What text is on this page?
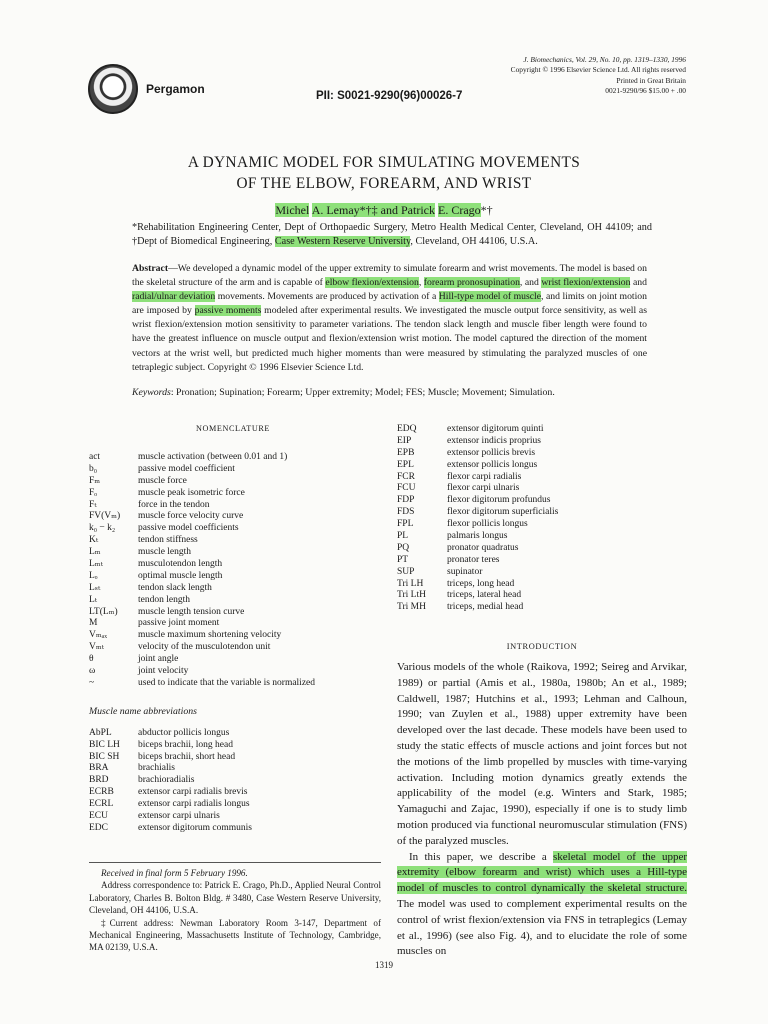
Pergamon	PII: S0021-9290(96)00026-7
J. Biomechanics, Vol. 29, No. 10, pp. 1319–1330, 1996
Copyright © 1996 Elsevier Science Ltd. All rights reserved
Printed in Great Britain
0021-9290/96 $15.00 + .00
A DYNAMIC MODEL FOR SIMULATING MOVEMENTS
OF THE ELBOW, FOREARM, AND WRIST
Michel A. Lemay*†‡ and Patrick E. Crago*†
*Rehabilitation Engineering Center, Dept of Orthopaedic Surgery, Metro Health Medical Center, Cleveland, OH 44109; and †Dept of Biomedical Engineering, Case Western Reserve University, Cleveland, OH 44106, U.S.A.

Abstract—We developed a dynamic model of the upper extremity to simulate forearm and wrist movements. The model is based on the skeletal structure of the arm and is capable of elbow flexion/extension, forearm pronosupination, and wrist flexion/extension and radial/ulnar deviation movements. Movements are produced by activation of a Hill-type model of muscle, and limits on joint motion are imposed by passive moments modeled after experimental results. We investigated the muscle output force sensitivity, as well as wrist flexion/extension motion sensitivity to parameter variations. The tendon slack length and muscle fiber length were found to have the greatest influence on muscle output and flexion/extension wrist motion. The model captured the direction of the moment vectors at the wrist well, but predicted much higher moments than were measured by stimulating the paralyzed muscles of one tetraplegic subject. Copyright © 1996 Elsevier Science Ltd.

Keywords: Pronation; Supination; Forearm; Upper extremity; Model; FES; Muscle; Movement; Simulation.
NOMENCLATURE
act	muscle activation (between 0.01 and 1)
b₀	passive model coefficient
Fₘ	muscle force
Fₒ	muscle peak isometric force
Fₜ	force in the tendon
FV(Vₘ)	muscle force velocity curve
k₀ − k₂	passive model coefficients
Kₜ	tendon stiffness
Lₘ	muscle length
Lₘₜ	musculotendon length
Lₒ	optimal muscle length
Lₛₜ	tendon slack length
Lₜ	tendon length
LT(Lₘ)	muscle length tension curve
M	passive joint moment
Vₘₐₓ	muscle maximum shortening velocity
Vₘₜ	velocity of the musculotendon unit
θ	joint angle
ω	joint velocity
~	used to indicate that the variable is normalized
Muscle name abbreviations
AbPL	abductor pollicis longus
BIC LH	biceps brachii, long head
BIC SH	biceps brachii, short head
BRA	brachialis
BRD	brachioradialis
ECRB	extensor carpi radialis brevis
ECRL	extensor carpi radialis longus
ECU	extensor carpi ulnaris
EDC	extensor digitorum communis
EDQ	extensor digitorum quinti
EIP	extensor indicis proprius
EPB	extensor pollicis brevis
EPL	extensor pollicis longus
FCR	flexor carpi radialis
FCU	flexor carpi ulnaris
FDP	flexor digitorum profundus
FDS	flexor digitorum superficialis
FPL	flexor pollicis longus
PL	palmaris longus
PQ	pronator quadratus
PT	pronator teres
SUP	supinator
Tri LH	triceps, long head
Tri LtH	triceps, lateral head
Tri MH	triceps, medial head
INTRODUCTION

Various models of the whole (Raikova, 1992; Seireg and Arvikar, 1989) or partial (Amis et al., 1980a, 1980b; An et al., 1989; Caldwell, 1987; Hutchins et al., 1993; Lehman and Calhoun, 1990; van Zuylen et al., 1988) upper extremity have been developed over the last decade. These models have been used to study the static effects of muscle actions and joint forces but not the motions of the limb propelled by muscles with time-varying activation. Including motion dynamics greatly extends the applicability of the model (e.g. Winters and Stark, 1985; Yamaguchi and Zajac, 1990), especially if one is to study limb motion produced via functional neuromuscular stimulation (FNS) of the paralyzed muscles.

In this paper, we describe a skeletal model of the upper extremity (elbow forearm and wrist) which uses a Hill-type model of muscles to control dynamically the skeletal structure. The model was used to complement experimental results on the control of wrist flexion/extension via FNS in tetraplegics (Lemay et al., 1996) (see also Fig. 4), and to elucidate the role of some muscles on

Received in final form 5 February 1996.

Address correspondence to: Patrick E. Crago, Ph.D., Applied Neural Control Laboratory, Charles B. Bolton Bldg. # 3480, Case Western Reserve University, Cleveland, OH 44106, U.S.A.

‡Current address: Newman Laboratory Room 3-147, Department of Mechanical Engineering, Massachusetts Institute of Technology, Cambridge, MA 02139, U.S.A.

1319
